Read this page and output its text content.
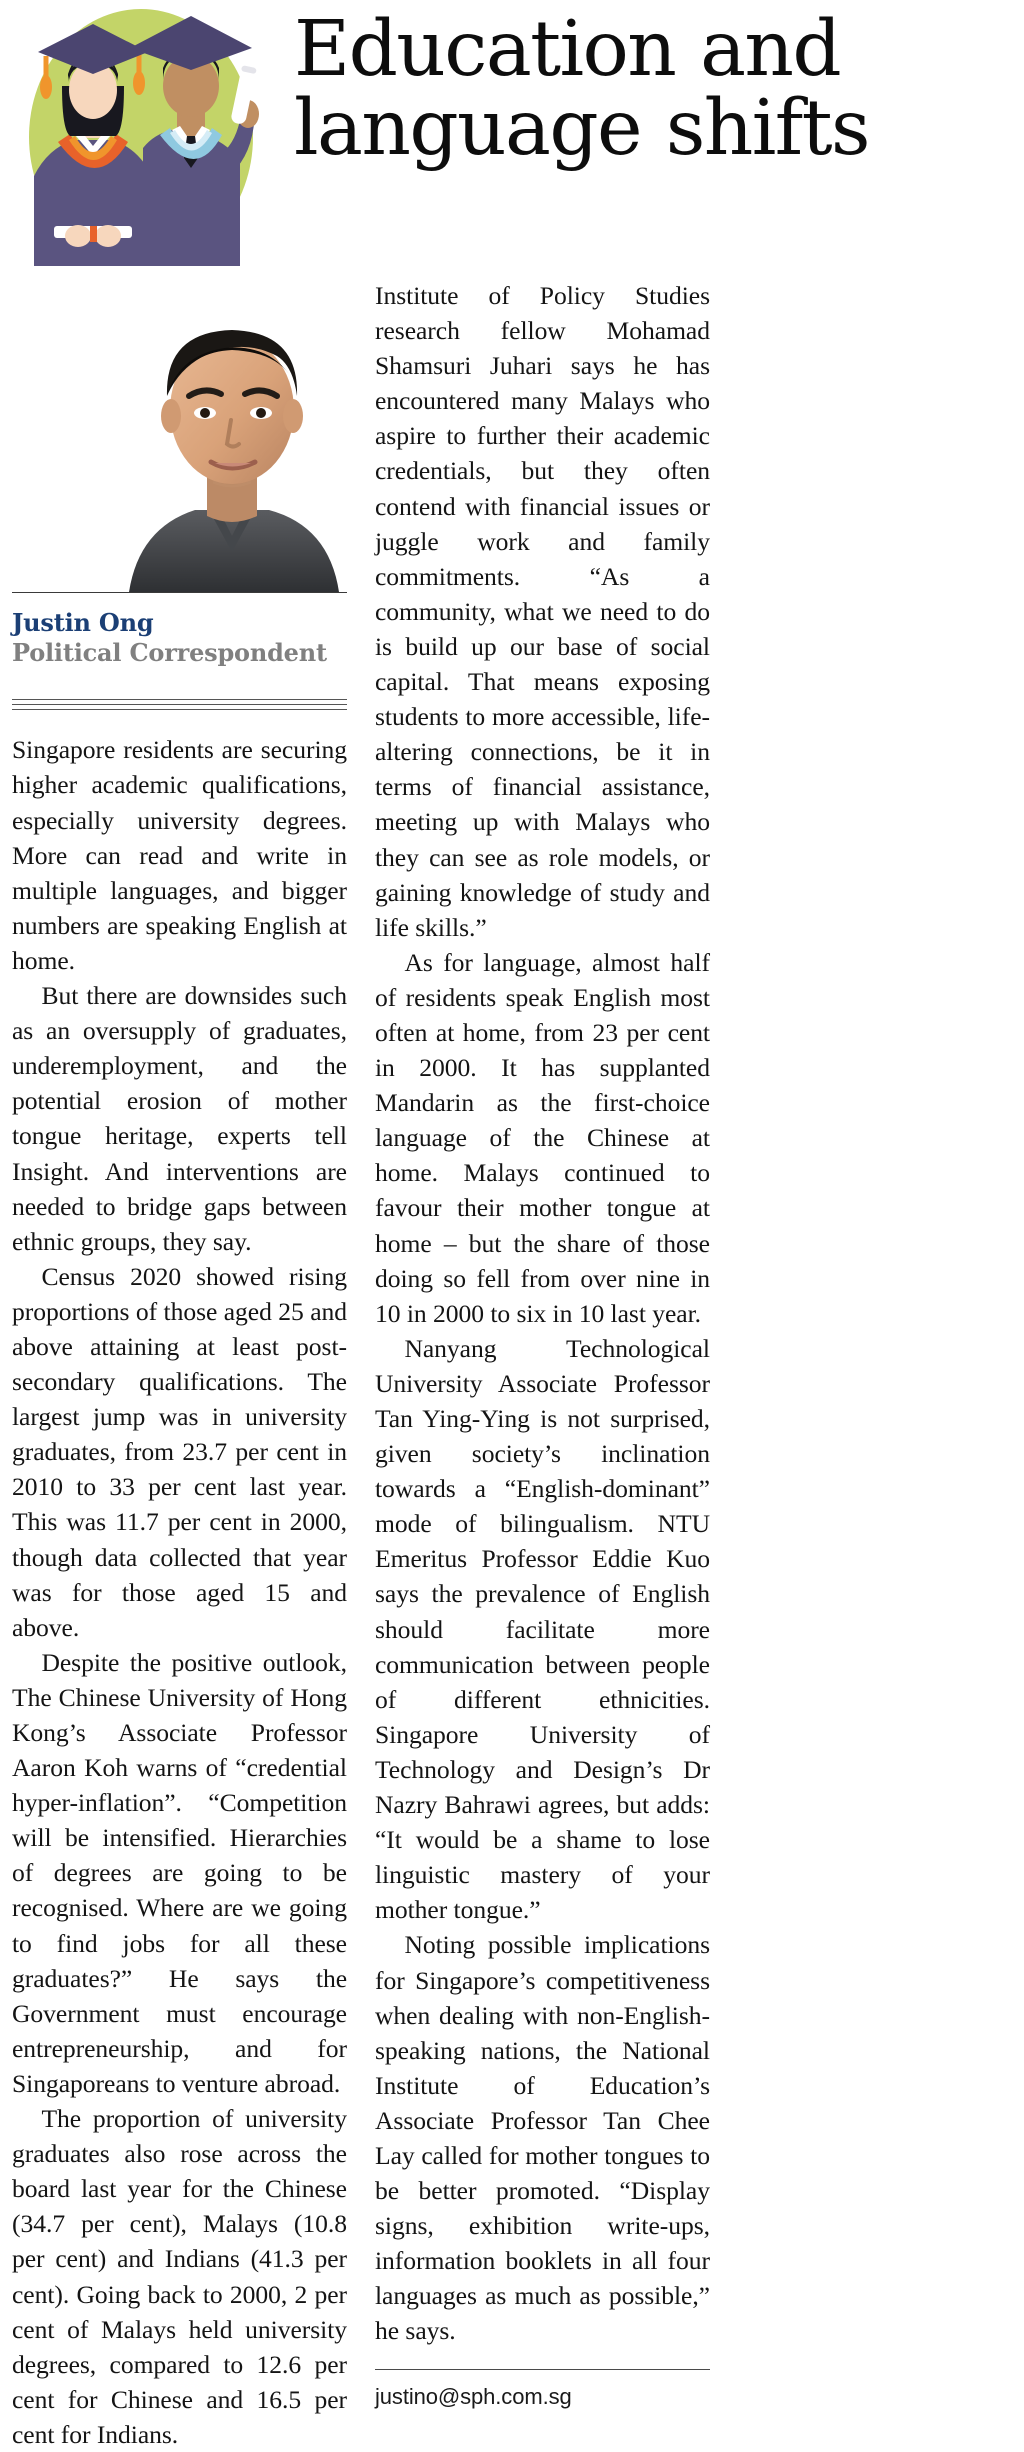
Education and
language shifts
Justin Ong
Political Correspondent

Singapore residents are securing higher academic qualifications, especially university degrees. More can read and write in multiple languages, and bigger numbers are speaking English at home.

But there are downsides such as an oversupply of graduates, underemployment, and the potential erosion of mother tongue heritage, experts tell Insight. And interventions are needed to bridge gaps between ethnic groups, they say.

Census 2020 showed rising proportions of those aged 25 and above attaining at least post-secondary qualifications. The largest jump was in university graduates, from 23.7 per cent in 2010 to 33 per cent last year. This was 11.7 per cent in 2000, though data collected that year was for those aged 15 and above.

Despite the positive outlook, The Chinese University of Hong Kong’s Associate Professor Aaron Koh warns of “credential hyper-inflation”. “Competition will be intensified. Hierarchies of degrees are going to be recognised. Where are we going to find jobs for all these graduates?” He says the Government must encourage entrepreneurship, and for Singaporeans to venture abroad.

The proportion of university graduates also rose across the board last year for the Chinese (34.7 per cent), Malays (10.8 per cent) and Indians (41.3 per cent). Going back to 2000, 2 per cent of Malays held university degrees, compared to 12.6 per cent for Chinese and 16.5 per cent for Indians.

Institute of Policy Studies research fellow Mohamad Shamsuri Juhari says he has encountered many Malays who aspire to further their academic credentials, but they often contend with financial issues or juggle work and family commitments. “As a community, what we need to do is build up our base of social capital. That means exposing students to more accessible, life-altering connections, be it in terms of financial assistance, meeting up with Malays who they can see as role models, or gaining knowledge of study and life skills.”

As for language, almost half of residents speak English most often at home, from 23 per cent in 2000. It has supplanted Mandarin as the first-choice language of the Chinese at home. Malays continued to favour their mother tongue at home – but the share of those doing so fell from over nine in 10 in 2000 to six in 10 last year.

Nanyang Technological University Associate Professor Tan Ying-Ying is not surprised, given society’s inclination towards a “English-dominant” mode of bilingualism. NTU Emeritus Professor Eddie Kuo says the prevalence of English should facilitate more communication between people of different ethnicities. Singapore University of Technology and Design’s Dr Nazry Bahrawi agrees, but adds: “It would be a shame to lose linguistic mastery of your mother tongue.”

Noting possible implications for Singapore’s competitiveness when dealing with non-English-speaking nations, the National Institute of Education’s Associate Professor Tan Chee Lay called for mother tongues to be better promoted. “Display signs, exhibition write-ups, information booklets in all four languages as much as possible,” he says.

justino@sph.com.sg
